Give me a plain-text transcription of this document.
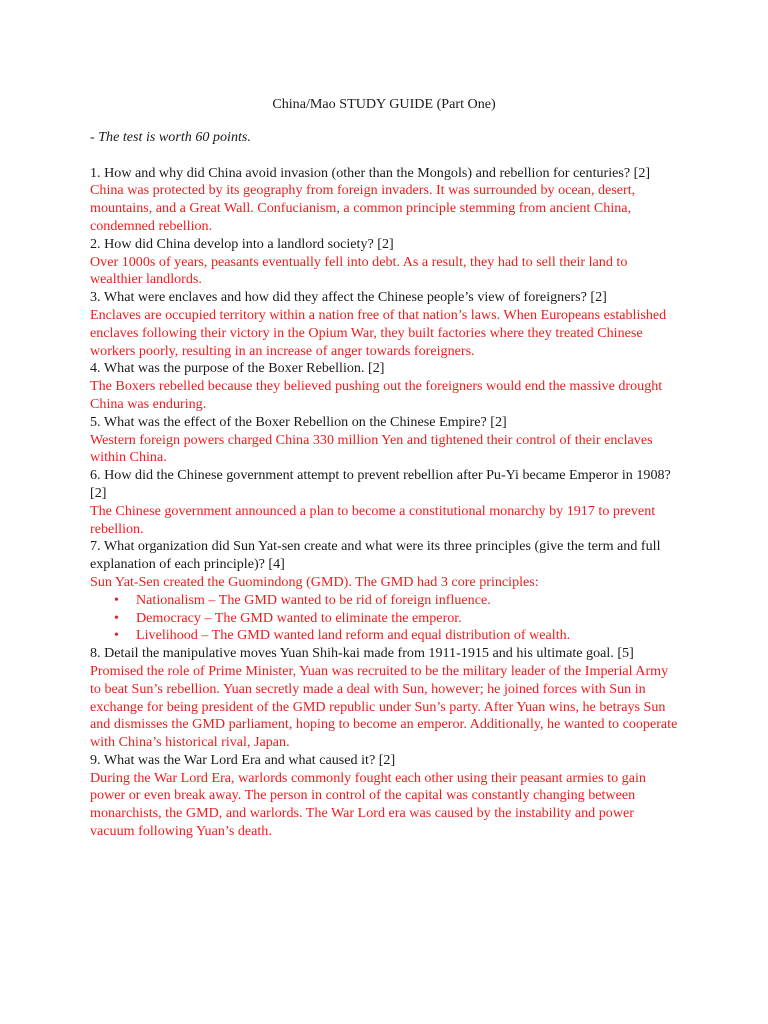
China/Mao STUDY GUIDE (Part One)

- The test is worth 60 points.

1. How and why did China avoid invasion (other than the Mongols) and rebellion for centuries? [2]

China was protected by its geography from foreign invaders. It was surrounded by ocean, desert, mountains, and a Great Wall. Confucianism, a common principle stemming from ancient China, condemned rebellion.

2. How did China develop into a landlord society? [2]

Over 1000s of years, peasants eventually fell into debt. As a result, they had to sell their land to wealthier landlords.

3. What were enclaves and how did they affect the Chinese people’s view of foreigners? [2]

Enclaves are occupied territory within a nation free of that nation’s laws. When Europeans established enclaves following their victory in the Opium War, they built factories where they treated Chinese workers poorly, resulting in an increase of anger towards foreigners.

4. What was the purpose of the Boxer Rebellion. [2]

The Boxers rebelled because they believed pushing out the foreigners would end the massive drought China was enduring.

5. What was the effect of the Boxer Rebellion on the Chinese Empire? [2]

Western foreign powers charged China 330 million Yen and tightened their control of their enclaves within China.

6. How did the Chinese government attempt to prevent rebellion after Pu-Yi became Emperor in 1908? [2]

The Chinese government announced a plan to become a constitutional monarchy by 1917 to prevent rebellion.

7. What organization did Sun Yat-sen create and what were its three principles (give the term and full explanation of each principle)? [4]

Sun Yat-Sen created the Guomindong (GMD). The GMD had 3 core principles:

• Nationalism – The GMD wanted to be rid of foreign influence.
• Democracy – The GMD wanted to eliminate the emperor.
• Livelihood – The GMD wanted land reform and equal distribution of wealth.

8. Detail the manipulative moves Yuan Shih-kai made from 1911-1915 and his ultimate goal. [5]

Promised the role of Prime Minister, Yuan was recruited to be the military leader of the Imperial Army to beat Sun’s rebellion. Yuan secretly made a deal with Sun, however; he joined forces with Sun in exchange for being president of the GMD republic under Sun’s party. After Yuan wins, he betrays Sun and dismisses the GMD parliament, hoping to become an emperor. Additionally, he wanted to cooperate with China’s historical rival, Japan.

9. What was the War Lord Era and what caused it? [2]

During the War Lord Era, warlords commonly fought each other using their peasant armies to gain power or even break away. The person in control of the capital was constantly changing between monarchists, the GMD, and warlords. The War Lord era was caused by the instability and power vacuum following Yuan’s death.
